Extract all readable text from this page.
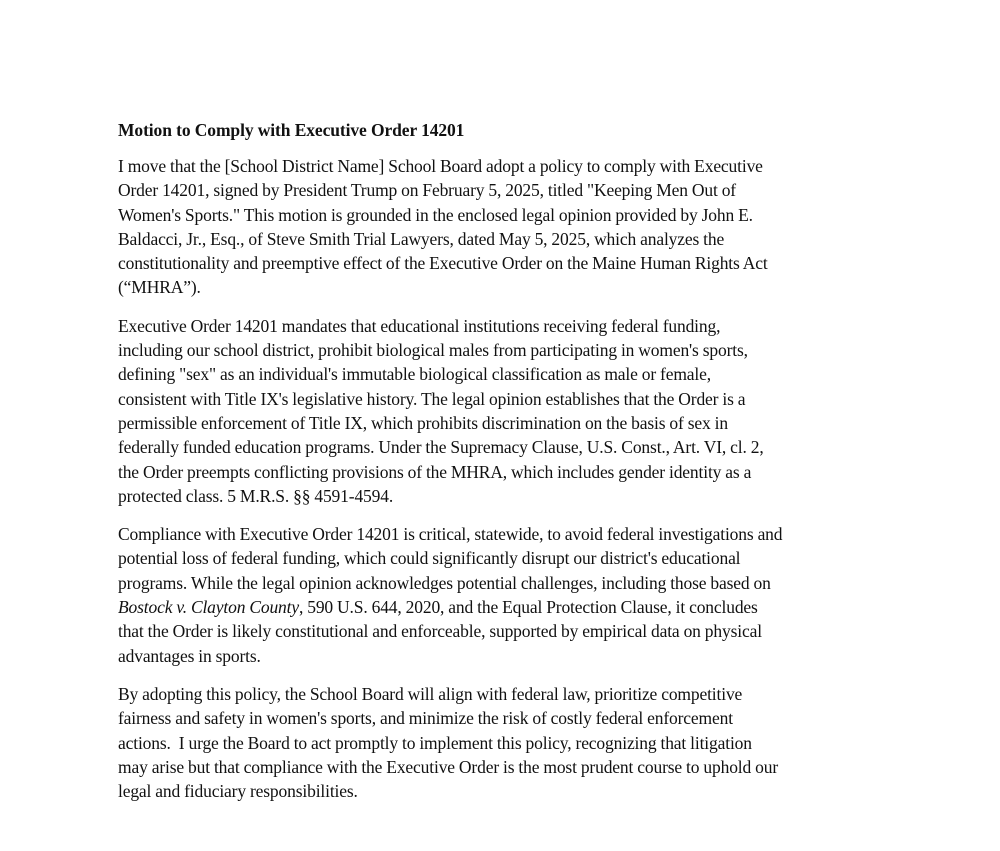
Motion to Comply with Executive Order 14201
I move that the [School District Name] School Board adopt a policy to comply with Executive
Order 14201, signed by President Trump on February 5, 2025, titled "Keeping Men Out of
Women's Sports." This motion is grounded in the enclosed legal opinion provided by John E.
Baldacci, Jr., Esq., of Steve Smith Trial Lawyers, dated May 5, 2025, which analyzes the
constitutionality and preemptive effect of the Executive Order on the Maine Human Rights Act
(“MHRA”).
Executive Order 14201 mandates that educational institutions receiving federal funding,
including our school district, prohibit biological males from participating in women's sports,
defining "sex" as an individual's immutable biological classification as male or female,
consistent with Title IX's legislative history. The legal opinion establishes that the Order is a
permissible enforcement of Title IX, which prohibits discrimination on the basis of sex in
federally funded education programs. Under the Supremacy Clause, U.S. Const., Art. VI, cl. 2,
the Order preempts conflicting provisions of the MHRA, which includes gender identity as a
protected class. 5 M.R.S. §§ 4591-4594.
Compliance with Executive Order 14201 is critical, statewide, to avoid federal investigations and
potential loss of federal funding, which could significantly disrupt our district's educational
programs. While the legal opinion acknowledges potential challenges, including those based on
Bostock v. Clayton County, 590 U.S. 644, 2020, and the Equal Protection Clause, it concludes
that the Order is likely constitutional and enforceable, supported by empirical data on physical
advantages in sports.
By adopting this policy, the School Board will align with federal law, prioritize competitive
fairness and safety in women's sports, and minimize the risk of costly federal enforcement
actions.  I urge the Board to act promptly to implement this policy, recognizing that litigation
may arise but that compliance with the Executive Order is the most prudent course to uphold our
legal and fiduciary responsibilities.
